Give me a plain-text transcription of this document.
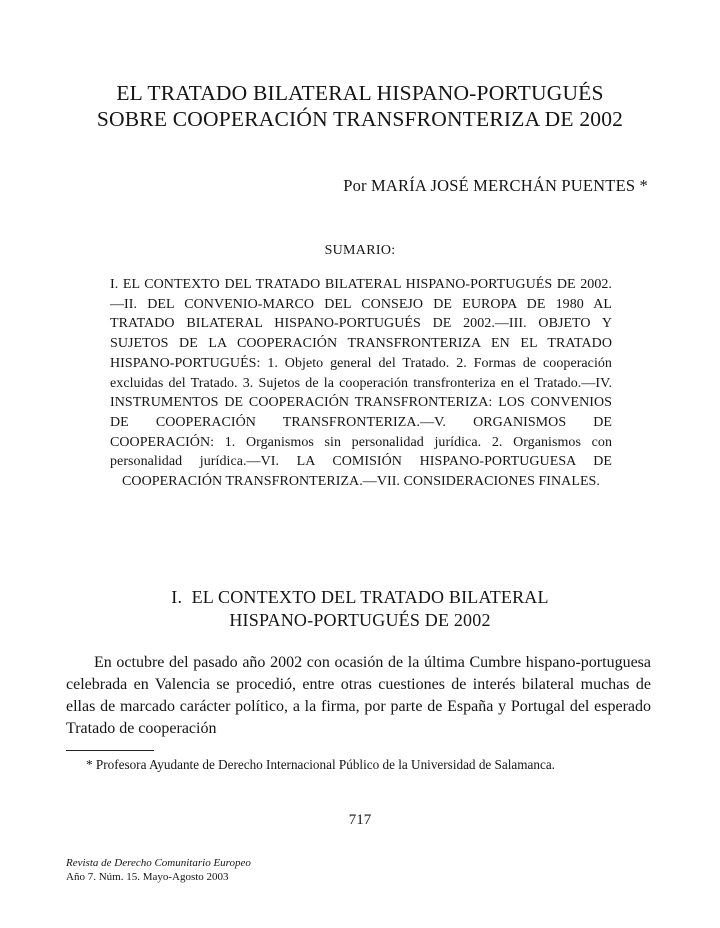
EL TRATADO BILATERAL HISPANO-PORTUGUÉS
SOBRE COOPERACIÓN TRANSFRONTERIZA DE 2002
Por MARÍA JOSÉ MERCHÁN PUENTES *
SUMARIO:
I. EL CONTEXTO DEL TRATADO BILATERAL HISPANO-PORTUGUÉS DE 2002.—II. DEL CONVENIO-MARCO DEL CONSEJO DE EUROPA DE 1980 AL TRATADO BILATERAL HISPANO-PORTUGUÉS DE 2002.—III. OBJETO Y SUJETOS DE LA COOPERACIÓN TRANSFRONTERIZA EN EL TRATADO HISPANO-PORTUGUÉS: 1. Objeto general del Tratado. 2. Formas de cooperación excluidas del Tratado. 3. Sujetos de la cooperación transfronteriza en el Tratado.—IV. INSTRUMENTOS DE COOPERACIÓN TRANSFRONTERIZA: LOS CONVENIOS DE COOPERACIÓN TRANSFRONTERIZA.—V. ORGANISMOS DE COOPERACIÓN: 1. Organismos sin personalidad jurídica. 2. Organismos con personalidad jurídica.—VI. LA COMISIÓN HISPANO-PORTUGUESA DE COOPERACIÓN TRANSFRONTERIZA.—VII. CONSIDERACIONES FINALES.
I.  EL CONTEXTO DEL TRATADO BILATERAL
HISPANO-PORTUGUÉS DE 2002

En octubre del pasado año 2002 con ocasión de la última Cumbre hispano-portuguesa celebrada en Valencia se procedió, entre otras cuestiones de interés bilateral muchas de ellas de marcado carácter político, a la firma, por parte de España y Portugal del esperado Tratado de cooperación

* Profesora Ayudante de Derecho Internacional Público de la Universidad de Salamanca.

717
Revista de Derecho Comunitario Europeo
Año 7. Núm. 15. Mayo-Agosto 2003
